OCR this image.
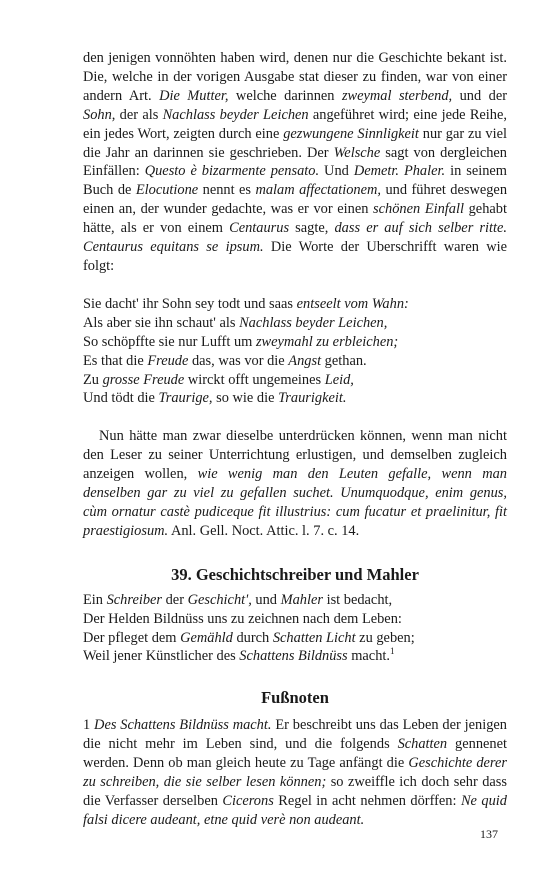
den jenigen vonnöhten haben wird, denen nur die Geschichte bekant ist. Die, welche in der vorigen Ausgabe stat dieser zu finden, war von einer andern Art. Die Mutter, welche darinnen zweymal sterbend, und der Sohn, der als Nachlass beyder Leichen angeführet wird; eine jede Reihe, ein jedes Wort, zeigten durch eine gezwungene Sinnligkeit nur gar zu viel die Jahr an darinnen sie geschrieben. Der Welsche sagt von dergleichen Einfällen: Questo è bizarmente pensato. Und Demetr. Phaler. in seinem Buch de Elocutione nennt es malam affectationem, und führet deswegen einen an, der wunder gedachte, was er vor einen schönen Einfall gehabt hätte, als er von einem Centaurus sagte, dass er auf sich selber ritte. Centaurus equitans se ipsum. Die Worte der Uberschrifft waren wie folgt:

Sie dacht' ihr Sohn sey todt und saas entseelt vom Wahn:

Als aber sie ihn schaut' als Nachlass beyder Leichen,

So schöpffte sie nur Lufft um zweymahl zu erbleichen;

Es that die Freude das, was vor die Angst gethan.

Zu grosse Freude wirckt offt ungemeines Leid,

Und tödt die Traurige, so wie die Traurigkeit.

Nun hätte man zwar dieselbe unterdrücken können, wenn man nicht den Leser zu seiner Unterrichtung erlustigen, und demselben zugleich anzeigen wollen, wie wenig man den Leuten gefalle, wenn man denselben gar zu viel zu gefallen suchet. Unumquodque, enim genus, cùm ornatur castè pudiceque fit illustrius: cum fucatur et praelinitur, fit praestigiosum. Anl. Gell. Noct. Attic. l. 7. c. 14.

39. Geschichtschreiber und Mahler

Ein Schreiber der Geschicht', und Mahler ist bedacht,

Der Helden Bildnüss uns zu zeichnen nach dem Leben:

Der pfleget dem Gemähld durch Schatten Licht zu geben;

Weil jener Künstlicher des Schattens Bildnüss macht.$^1$

Fußnoten

1 Des Schattens Bildnüss macht. Er beschreibt uns das Leben der jenigen die nicht mehr im Leben sind, und die folgends Schatten gennenet werden. Denn ob man gleich heute zu Tage anfängt die Geschichte derer zu schreiben, die sie selber lesen können; so zweiffle ich doch sehr dass die Verfasser derselben Cicerons Regel in acht nehmen dörffen: Ne quid falsi dicere audeant, etne quid verè non audeant.

137
